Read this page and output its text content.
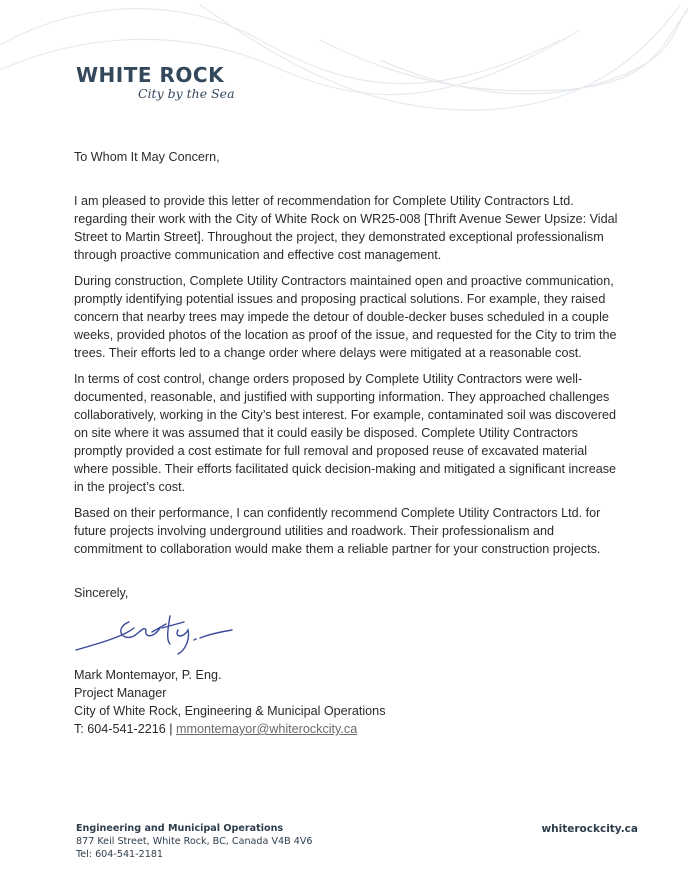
WHITE ROCK
City by the Sea

To Whom It May Concern,

I am pleased to provide this letter of recommendation for Complete Utility Contractors Ltd. regarding their work with the City of White Rock on WR25-008 [Thrift Avenue Sewer Upsize: Vidal Street to Martin Street]. Throughout the project, they demonstrated exceptional professionalism through proactive communication and effective cost management.

During construction, Complete Utility Contractors maintained open and proactive communication, promptly identifying potential issues and proposing practical solutions. For example, they raised concern that nearby trees may impede the detour of double-decker buses scheduled in a couple weeks, provided photos of the location as proof of the issue, and requested for the City to trim the trees. Their efforts led to a change order where delays were mitigated at a reasonable cost.

In terms of cost control, change orders proposed by Complete Utility Contractors were well-documented, reasonable, and justified with supporting information. They approached challenges collaboratively, working in the City’s best interest. For example, contaminated soil was discovered on site where it was assumed that it could easily be disposed. Complete Utility Contractors promptly provided a cost estimate for full removal and proposed reuse of excavated material where possible. Their efforts facilitated quick decision-making and mitigated a significant increase in the project’s cost.

Based on their performance, I can confidently recommend Complete Utility Contractors Ltd. for future projects involving underground utilities and roadwork. Their professionalism and commitment to collaboration would make them a reliable partner for your construction projects.

Sincerely,
Mark Montemayor, P. Eng.
Project Manager
City of White Rock, Engineering & Municipal Operations
T: 604-541-2216 | mmontemayor@whiterockcity.ca
Engineering and Municipal Operations
877 Keil Street, White Rock, BC, Canada V4B 4V6
Tel: 604-541-2181
whiterockcity.ca
